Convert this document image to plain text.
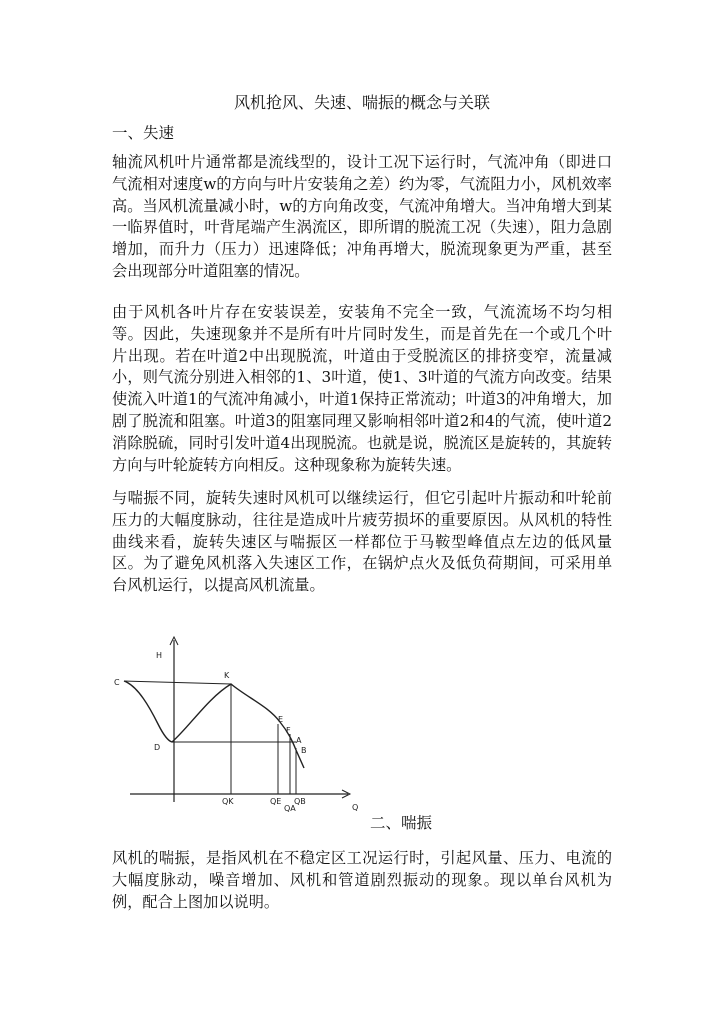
风机抢风、失速、喘振的概念与关联
一、失速

轴流风机叶片通常都是流线型的，设计工况下运行时，气流冲角（即进口气流相对速度w的方向与叶片安装角之差）约为零，气流阻力小，风机效率高。当风机流量减小时，w的方向角改变，气流冲角增大。当冲角增大到某一临界值时，叶背尾端产生涡流区，即所谓的脱流工况（失速），阻力急剧增加，而升力（压力）迅速降低；冲角再增大，脱流现象更为严重，甚至会出现部分叶道阻塞的情况。

由于风机各叶片存在安装误差，安装角不完全一致，气流流场不均匀相等。因此，失速现象并不是所有叶片同时发生，而是首先在一个或几个叶片出现。若在叶道2中出现脱流，叶道由于受脱流区的排挤变窄，流量减小，则气流分别进入相邻的1、3叶道，使1、3叶道的气流方向改变。结果使流入叶道1的气流冲角减小，叶道1保持正常流动；叶道3的冲角增大，加剧了脱流和阻塞。叶道3的阻塞同理又影响相邻叶道2和4的气流，使叶道2消除脱硫，同时引发叶道4出现脱流。也就是说，脱流区是旋转的，其旋转方向与叶轮旋转方向相反。这种现象称为旋转失速。

与喘振不同，旋转失速时风机可以继续运行，但它引起叶片振动和叶轮前压力的大幅度脉动，往往是造成叶片疲劳损坏的重要原因。从风机的特性曲线来看，旋转失速区与喘振区一样都位于马鞍型峰值点左边的低风量区。为了避免风机落入失速区工作，在锅炉点火及低负荷期间，可采用单台风机运行，以提高风机流量。

H
Q
C
K
D
E
F
A
B
QK	QE
QA
QB
二、喘振

风机的喘振，是指风机在不稳定区工况运行时，引起风量、压力、电流的大幅度脉动，噪音增加、风机和管道剧烈振动的现象。现以单台风机为例，配合上图加以说明。
